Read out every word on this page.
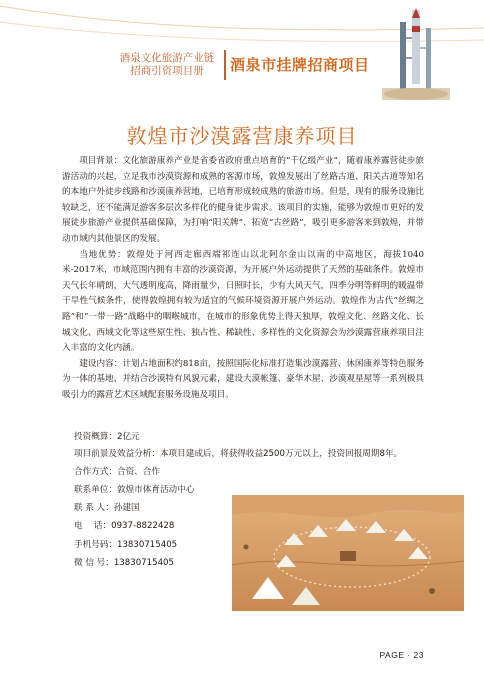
酒泉文化旅游产业链
招商引资项目册	酒泉市挂牌招商项目
敦煌市沙漠露营康养项目

项目背景：文化旅游康养产业是省委省政府重点培育的“千亿级产业”，随着康养露营徒步旅游活动的兴起，立足我市沙漠资源和成熟的客源市场，敦煌发展出了丝路古道、阳关古道等知名的本地户外徒步线路和沙漠康养营地，已培育形成较成熟的旅游市场。但是，现有的服务设施比较缺乏，还不能满足游客多层次多样化的健身徒步需求。该项目的实施，能够为敦煌市更好的发展徒步旅游产业提供基础保障，为打响“阳关牌”、拓宽“古丝路”，吸引更多游客来到敦煌，并带动市域内其他景区的发展。

当地优势：敦煌处于河西走廊西端祁连山以北阿尔金山以南的中高地区，海拔1040米-2017米，市域范围内拥有丰富的沙漠资源，为开展户外运动提供了天然的基础条件。敦煌市天气长年晴朗，大气透明度高，降雨量少，日照时长，少有大风天气，四季分明等鲜明的暖温带干旱性气候条件，使得敦煌拥有较为适宜的气候环境资源开展户外运动。敦煌作为古代“丝绸之路”和“一带一路”战略中的咽喉城市，在城市的形象优势上得天独厚，敦煌文化、丝路文化、长城文化、西域文化等这些原生性、独占性、稀缺性、多样性的文化资源会为沙漠露营康养项目注入丰富的文化内涵。

建设内容：计划占地面积约818亩，按照国际化标准打造集沙漠露营、休闲康养等特色服务为一体的基地，并结合沙漠特有风貌元素，建设大漠帐篷、豪华木屋、沙漠观星屋等一系列极具吸引力的露营艺术区域配套服务设施及项目。

投资概算：2亿元
项目前景及效益分析：本项目建成后，将获得收益2500万元以上，投资回报周期8年。
合作方式：合资、合作
联系单位：敦煌市体育活动中心
联 系 人：孙建国
电　 话：0937-8822428
手机号码：13830715405
微 信 号：13830715405
PAGE · 23
